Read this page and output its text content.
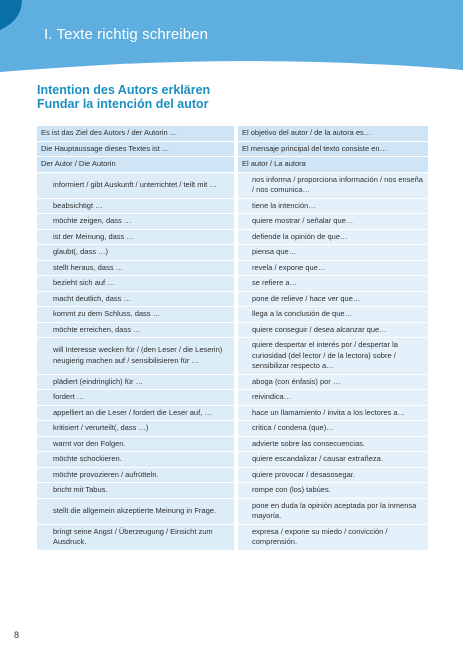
I. Texte richtig schreiben
Intention des Autors erklären
Fundar la intención del autor
Es ist das Ziel des Autors / der Autorin …	El objetivo del autor / de la autora es…
Die Hauptaussage dieses Textes ist …	El mensaje principal del texto consiste en…
Der Autor / Die Autorin	El autor / La autora
informiert / gibt Auskunft / unterrichtet / teilt mit …	nos informa / proporciona información / nos enseña / nos comunica…
beabsichtigt …	tiene la intención…
möchte zeigen, dass …	quiere mostrar / señalar que…
ist der Meinung, dass …	defiende la opinión de que…
glaubt(, dass …)	piensa que…
stellt heraus, dass …	revela / expone que…
bezieht sich auf …	se refiere a…
macht deutlich, dass …	pone de relieve / hace ver que…
kommt zu dem Schluss, dass …	llega a la conclusión de que…
möchte erreichen, dass …	quiere conseguir / desea alcanzar que…
will Interesse wecken für / (den Leser / die Leserin) neugierig machen auf / sensibilisieren für …	quiere despertar el interés por / despertar la curiosidad (del lector / de la lectora) sobre / sensibilizar respecto a…
plädiert (eindringlich) für …	aboga (con énfasis) por …
fordert …	reivindica…
appelliert an die Leser / fordert die Leser auf, …	hace un llamamiento / invita a los lectores a…
kritisiert / verurteilt(, dass …)	critica / condena (que)…
warnt vor den Folgen.	advierte sobre las consecuencias.
möchte schockieren.	quiere escandalizar / causar extrañeza.
möchte provozieren / aufrütteln.	quiere provocar / desasosegar.
bricht mit Tabus.	rompe con (los) tabúes.
stellt die allgemein akzeptierte Meinung in Frage.	pone en duda la opinión aceptada por la inmensa mayoría.
bringt seine Angst / Überzeugung / Einsicht zum Ausdruck.	expresa / expone su miedo / convicción / comprensión.
8
